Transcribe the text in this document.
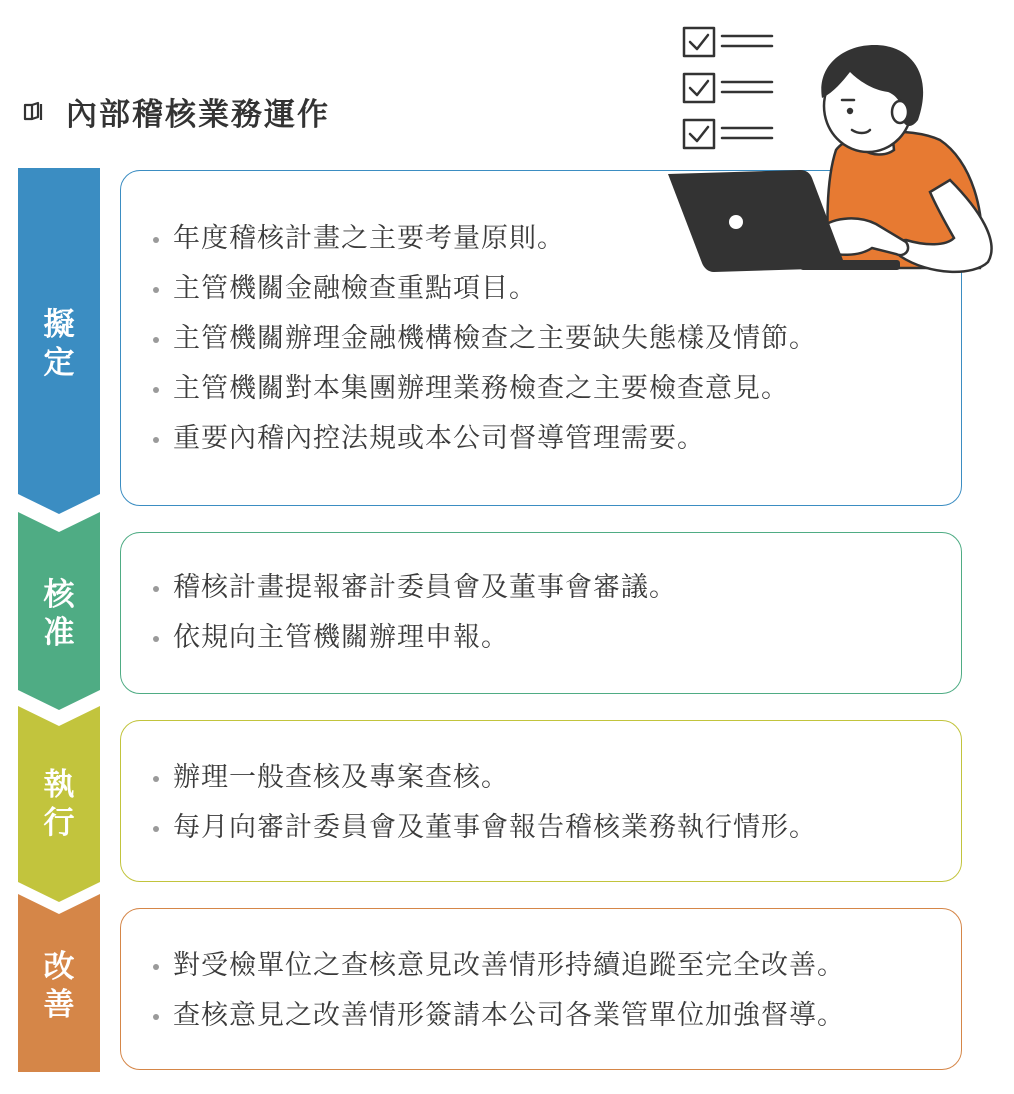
內部稽核業務運作
擬定
年度稽核計畫之主要考量原則。
主管機關金融檢查重點項目。
主管機關辦理金融機構檢查之主要缺失態樣及情節。
主管機關對本集團辦理業務檢查之主要檢查意見。
重要內稽內控法規或本公司督導管理需要。
核准
稽核計畫提報審計委員會及董事會審議。
依規向主管機關辦理申報。
執行
辦理一般查核及專案查核。
每月向審計委員會及董事會報告稽核業務執行情形。
改善
對受檢單位之查核意見改善情形持續追蹤至完全改善。
查核意見之改善情形簽請本公司各業管單位加強督導。
